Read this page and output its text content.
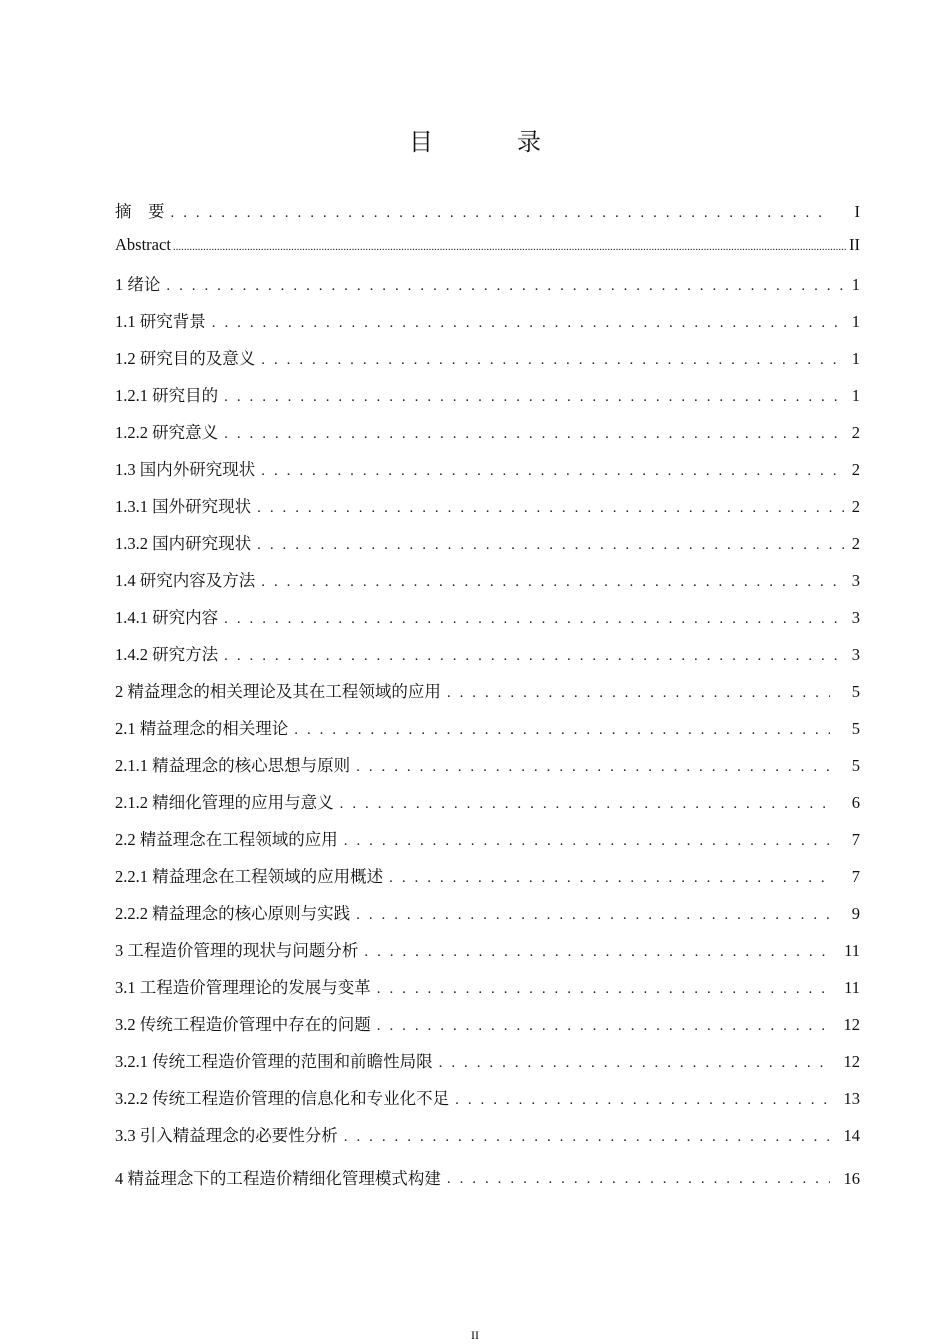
目　录
摘　要 . . .	I
Abstract .....	II
1 绪论 . . .	1
1.1 研究背景 . . .	1
1.2 研究目的及意义 . . .	1
1.2.1 研究目的 . . .	1
1.2.2 研究意义 . . .	2
1.3 国内外研究现状 . . .	2
1.3.1 国外研究现状 . . .	2
1.3.2 国内研究现状 . . .	2
1.4 研究内容及方法 . . .	3
1.4.1 研究内容 . . .	3
1.4.2 研究方法 . . .	3
2 精益理念的相关理论及其在工程领域的应用 . . .	5
2.1 精益理念的相关理论 . . .	5
2.1.1 精益理念的核心思想与原则 . . .	5
2.1.2 精细化管理的应用与意义 . . .	6
2.2 精益理念在工程领域的应用 . . .	7
2.2.1 精益理念在工程领域的应用概述 . . .	7
2.2.2 精益理念的核心原则与实践 . . .	9
3 工程造价管理的现状与问题分析 . . .	11
3.1 工程造价管理理论的发展与变革 . . .	11
3.2 传统工程造价管理中存在的问题 . . .	12
3.2.1 传统工程造价管理的范围和前瞻性局限 . . .	12
3.2.2 传统工程造价管理的信息化和专业化不足 . . .	13
3.3 引入精益理念的必要性分析 . . .	14
4 精益理念下的工程造价精细化管理模式构建 . . .	16
II
